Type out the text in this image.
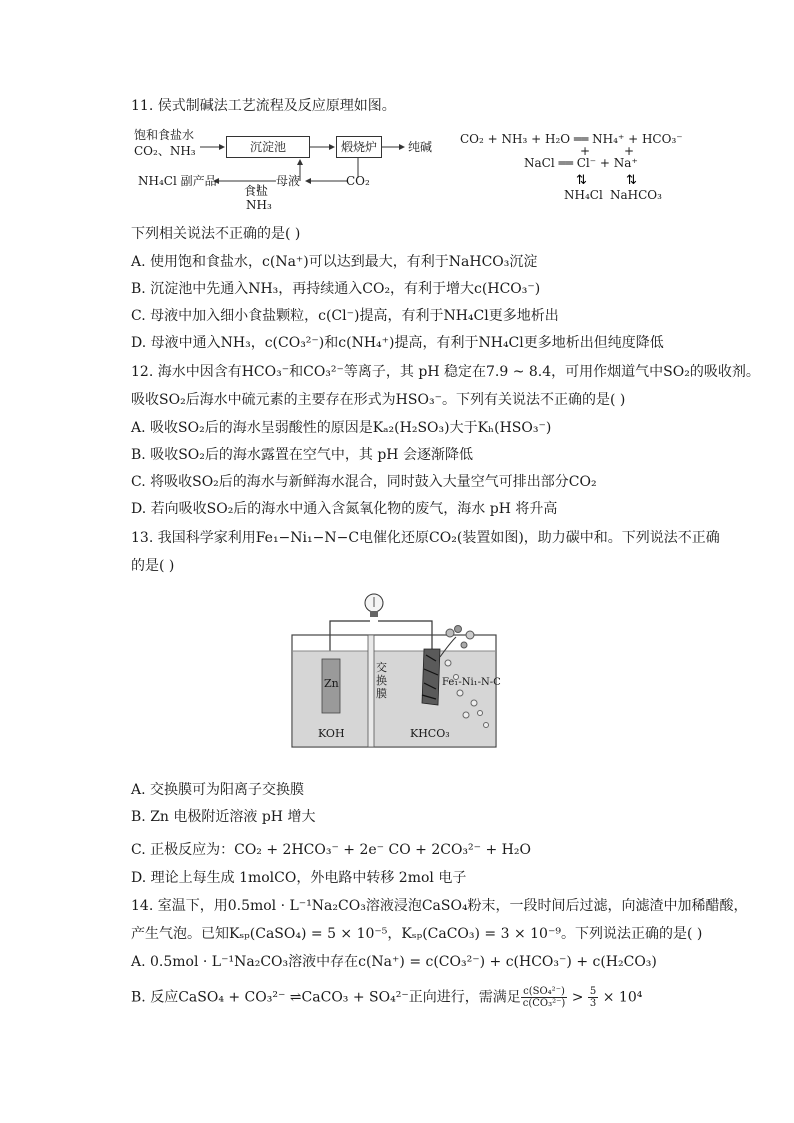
11. 侯式制碱法工艺流程及反应原理如图。
饱和食盐水
CO₂、NH₃	沉淀池	煅烧炉	纯碱
NH₄Cl 副产品
食盐
NH₃
母液	CO₂
CO₂ + NH₃ + H₂O ══ NH₄⁺ + HCO₃⁻
+	+
NaCl ══ Cl⁻ + Na⁺
⇅	⇅
NH₄Cl NaHCO₃
下列相关说法不正确的是( )
A. 使用饱和食盐水，c(Na⁺)可以达到最大，有利于NaHCO₃沉淀
B. 沉淀池中先通入NH₃，再持续通入CO₂，有利于增大c(HCO₃⁻)
C. 母液中加入细小食盐颗粒，c(Cl⁻)提高，有利于NH₄Cl更多地析出
D. 母液中通入NH₃，c(CO₃²⁻)和c(NH₄⁺)提高，有利于NH₄Cl更多地析出但纯度降低
12. 海水中因含有HCO₃⁻和CO₃²⁻等离子，其 pH 稳定在7.9 ~ 8.4，可用作烟道气中SO₂的吸收剂。
吸收SO₂后海水中硫元素的主要存在形式为HSO₃⁻。下列有关说法不正确的是( )
A. 吸收SO₂后的海水呈弱酸性的原因是Kₐ₂(H₂SO₃)大于Kₕ(HSO₃⁻)
B. 吸收SO₂后的海水露置在空气中，其 pH 会逐渐降低
C. 将吸收SO₂后的海水与新鲜海水混合，同时鼓入大量空气可排出部分CO₂
D. 若向吸收SO₂后的海水中通入含氮氧化物的废气，海水 pH 将升高
13. 我国科学家利用Fe₁−Ni₁−N−C电催化还原CO₂(装置如图)，助力碳中和。下列说法不正确
的是( )
Zn
交换膜
Fe₁-Ni₁-N-C
KOH	KHCO₃
A. 交换膜可为阳离子交换膜
B. Zn 电极附近溶液 pH 增大
C. 正极反应为：CO₂ + 2HCO₃⁻ + 2e⁻ CO + 2CO₃²⁻ + H₂O
D. 理论上每生成 1molCO，外电路中转移 2mol 电子
14. 室温下，用0.5mol · L⁻¹Na₂CO₃溶液浸泡CaSO₄粉末，一段时间后过滤，向滤渣中加稀醋酸，
产生气泡。已知Kₛₚ(CaSO₄) = 5 × 10⁻⁵，Kₛₚ(CaCO₃) = 3 × 10⁻⁹。下列说法正确的是( )
A. 0.5mol · L⁻¹Na₂CO₃溶液中存在c(Na⁺) = c(CO₃²⁻) + c(HCO₃⁻) + c(H₂CO₃)
B. 反应CaSO₄ + CO₃²⁻ ⇌CaCO₃ + SO₄²⁻正向进行，需满足 $\frac{\text{c(SO₄²⁻)}}{\text{c(CO₃²⁻)}} > \frac{5}{3} \times 10^4$
